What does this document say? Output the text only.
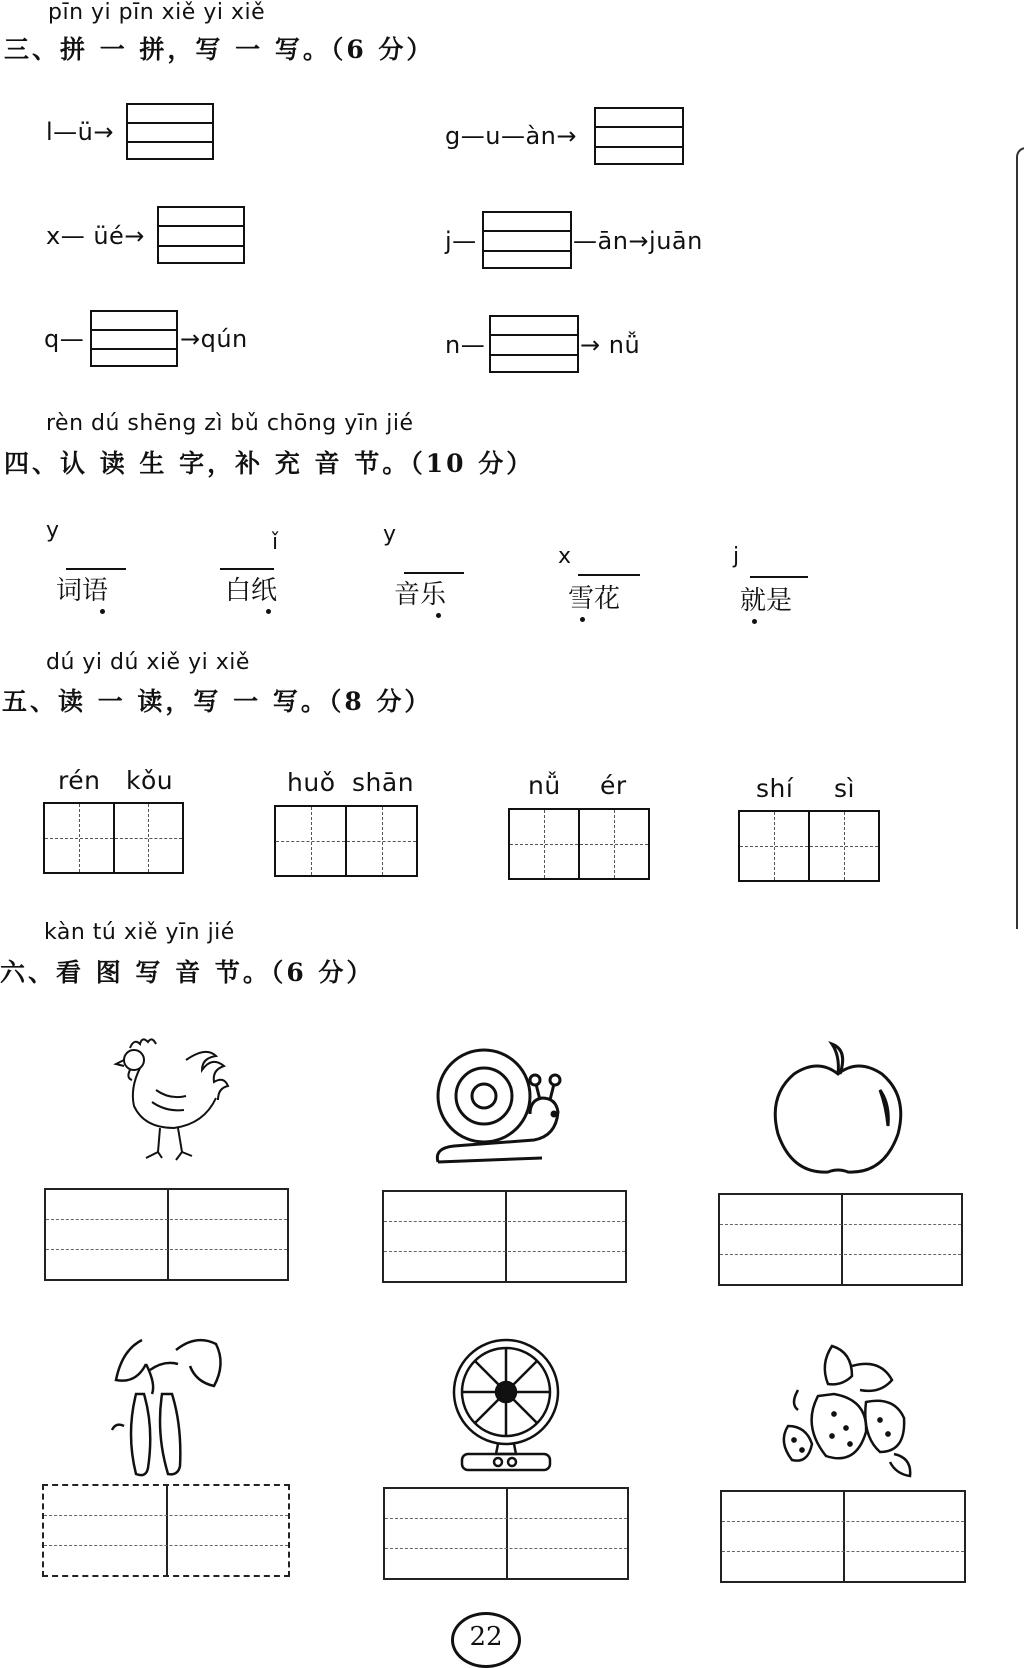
pīn yi pīn xiě yi xiě
三、拼 一 拼，写 一 写。（6 分）
l—ü→
x— üé→
q—	→qún
g—u—àn→
j—	—ān→juān
n—	→ nǚ
rèn dú shēng zì bǔ chōng yīn jié
四、认 读 生 字，补 充 音 节。（10 分）
y
词语
ǐ
白纸
y
音乐
x
雪花
j
就是
dú yi dú xiě yi xiě
五、读 一 读，写 一 写。（8 分）
rén kǒu	huǒ shān	nǚ ér	shí sì
kàn tú xiě yīn jié
六、看 图 写 音 节。（6 分）
22
